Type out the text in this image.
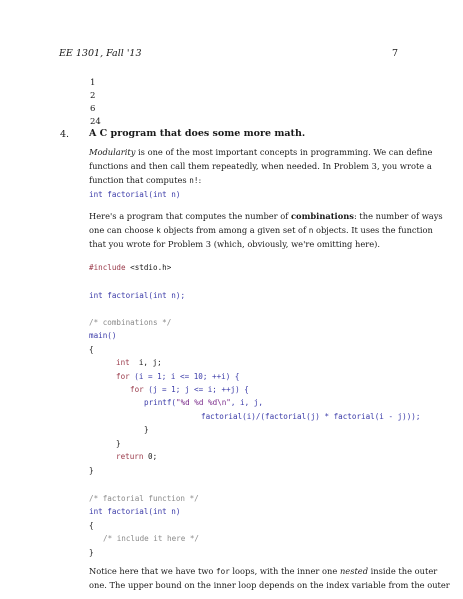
EE 1301, Fall '13	7
1
2
6
24
4. A C program that does some more math.
Modularity is one of the most important concepts in programming. We can define
functions and then call them repeatedly, when needed. In Problem 3, you wrote a
function that computes n!:
int factorial(int n)
Here's a program that computes the number of combinations: the number of ways
one can choose k objects from among a given set of n objects. It uses the function
that you wrote for Problem 3 (which, obviously, we're omitting here).
#include <stdio.h>
int factorial(int n);
/* combinations */
main()
{
int  i, j;
for (i = 1; i <= 10; ++i) {
for (j = 1; j <= i; ++j) {
printf("%d %d %d\n", i, j,
factorial(i)/(factorial(j) * factorial(i - j)));
}
}
return 0;
}
/* factorial function */
int factorial(int n)
{
/* include it here */
}
Notice here that we have two for loops, with the inner one nested inside the outer
one. The upper bound on the inner loop depends on the index variable from the outer
